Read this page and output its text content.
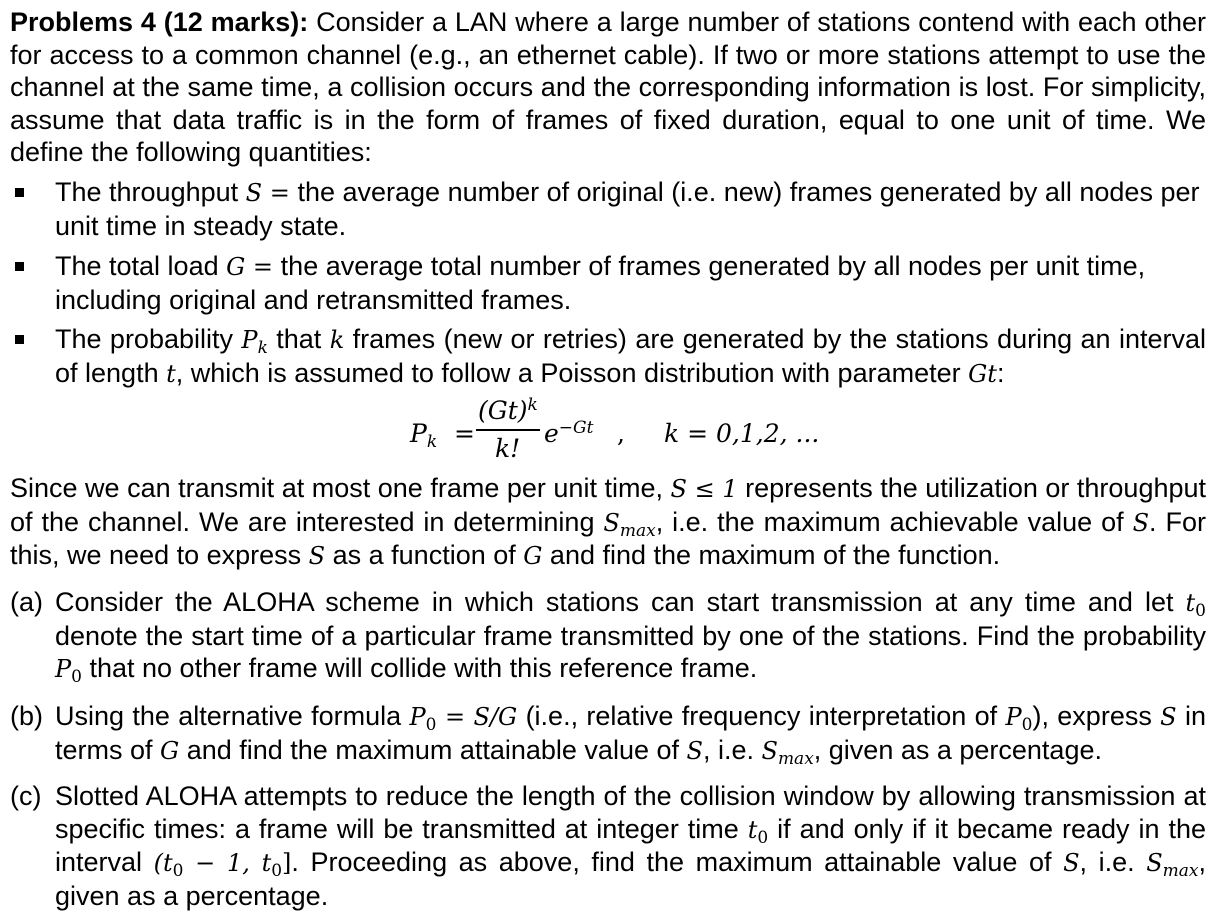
Problems 4 (12 marks): Consider a LAN where a large number of stations contend with each other for access to a common channel (e.g., an ethernet cable). If two or more stations attempt to use the channel at the same time, a collision occurs and the corresponding information is lost. For simplicity, assume that data traffic is in the form of frames of fixed duration, equal to one unit of time. We define the following quantities:
The throughput S = the average number of original (i.e. new) frames generated by all nodes per unit time in steady state.
The total load G = the average total number of frames generated by all nodes per unit time, including original and retransmitted frames.
The probability $P_k$ that k frames (new or retries) are generated by the stations during an interval of length t, which is assumed to follow a Poisson distribution with parameter Gt:
$P_k$ =
$(Gt)^k$
k!
$e^{-Gt}$ , k = 0,1,2, ...
Since we can transmit at most one frame per unit time, S ≤ 1 represents the utilization or throughput of the channel. We are interested in determining $S_{max}$, i.e. the maximum achievable value of S. For this, we need to express S as a function of G and find the maximum of the function.
(a) Consider the ALOHA scheme in which stations can start transmission at any time and let $t_0$ denote the start time of a particular frame transmitted by one of the stations. Find the probability $P_0$ that no other frame will collide with this reference frame.
(b) Using the alternative formula $P_0 = S/G$ (i.e., relative frequency interpretation of $P_0$), express S in terms of G and find the maximum attainable value of S, i.e. $S_{max}$, given as a percentage.
(c) Slotted ALOHA attempts to reduce the length of the collision window by allowing transmission at specific times: a frame will be transmitted at integer time $t_0$ if and only if it became ready in the interval ($t_0 - 1$, $t_0$]. Proceeding as above, find the maximum attainable value of S, i.e. $S_{max}$, given as a percentage.
